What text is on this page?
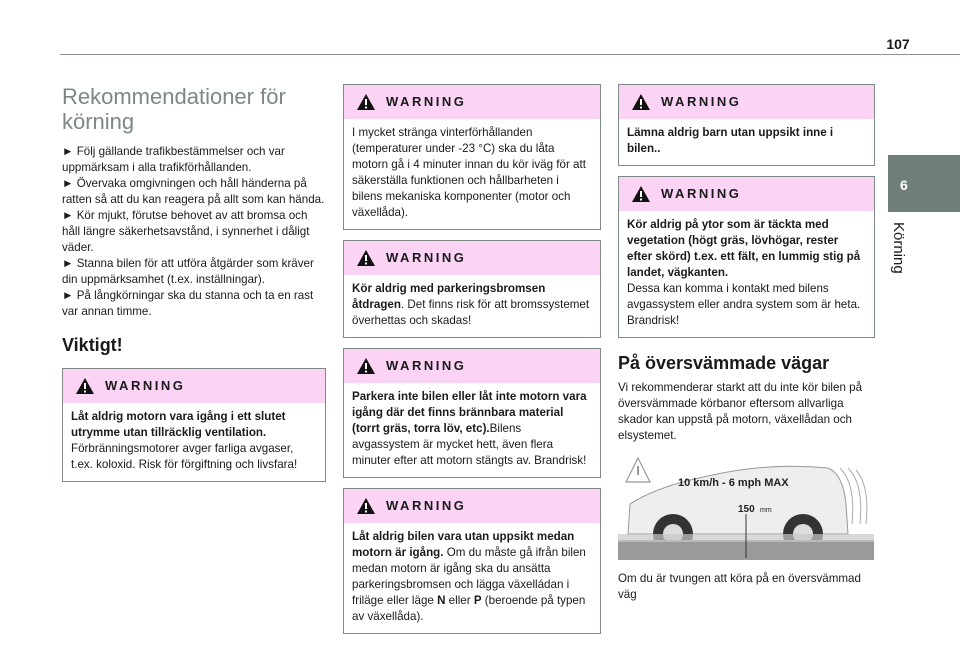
107
6
Körning
Rekommendationer för körning

► Följ gällande trafikbestämmelser och var uppmärksam i alla trafikförhållanden.

► Övervaka omgivningen och håll händerna på ratten så att du kan reagera på allt som kan hända.

► Kör mjukt, förutse behovet av att bromsa och håll längre säkerhetsavstånd, i synnerhet i dåligt väder.

► Stanna bilen för att utföra åtgärder som kräver din uppmärksamhet (t.ex. inställningar).

► På långkörningar ska du stanna och ta en rast var annan timme.

Viktigt!
WARNING
Låt aldrig motorn vara igång i ett slutet utrymme utan tillräcklig ventilation.
Förbränningsmotorer avger farliga avgaser, t.ex. koloxid. Risk för förgiftning och livsfara!
WARNING
I mycket stränga vinterförhållanden (temperaturer under -23 °C) ska du låta motorn gå i 4 minuter innan du kör iväg för att säkerställa funktionen och hållbarheten i bilens mekaniska komponenter (motor och växellåda).
WARNING
Kör aldrig med parkeringsbromsen åtdragen. Det finns risk för att bromssystemet överhettas och skadas!
WARNING
Parkera inte bilen eller låt inte motorn vara igång där det finns brännbara material (torrt gräs, torra löv, etc).Bilens avgassystem är mycket hett, även flera minuter efter att motorn stängts av. Brandrisk!
WARNING
Låt aldrig bilen vara utan uppsikt medan motorn är igång. Om du måste gå ifrån bilen medan motorn är igång ska du ansätta parkeringsbromsen och lägga växelládan i friläge eller läge N eller P (beroende på typen av växellåda).
WARNING
Lämna aldrig barn utan uppsikt inne i bilen..
WARNING
Kör aldrig på ytor som är täckta med vegetation (högt gräs, lövhögar, rester efter skörd) t.ex. ett fält, en lummig stig på landet, vägkanten.
Dessa kan komma i kontakt med bilens avgassystem eller andra system som är heta. Brandrisk!
På översvämmade vägar

Vi rekommenderar starkt att du inte kör bilen på översvämmade körbanor eftersom allvarliga skador kan uppstå på motorn, växellådan och elsystemet.

10 km/h - 6 mph MAX
150 mm

Om du är tvungen att köra på en översvämmad väg
